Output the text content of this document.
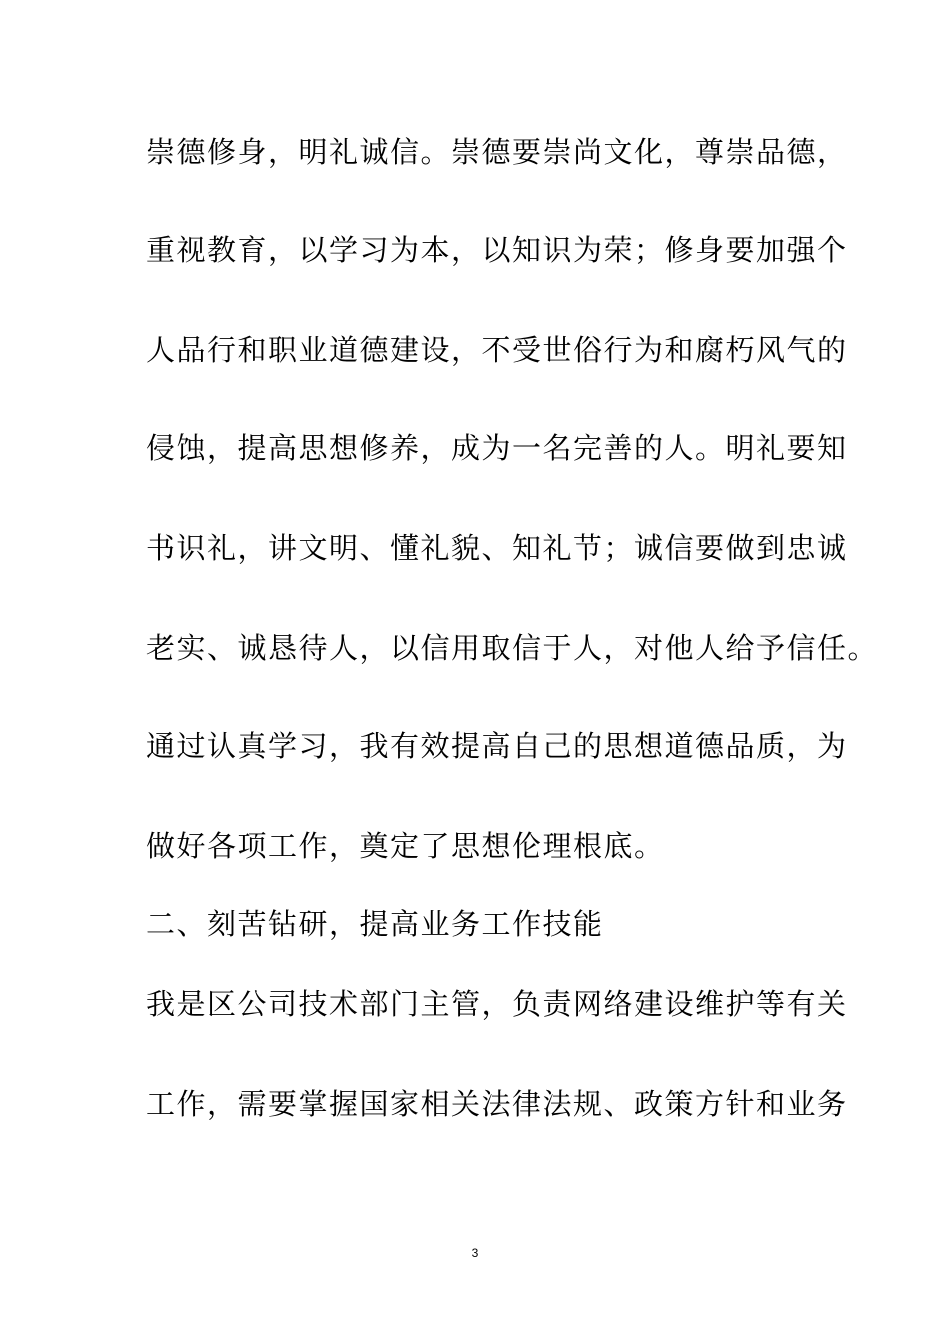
崇德修身，明礼诚信。崇德要崇尚文化，尊崇品德，
重视教育，以学习为本，以知识为荣；修身要加强个
人品行和职业道德建设，不受世俗行为和腐朽风气的
侵蚀，提高思想修养，成为一名完善的人。明礼要知
书识礼，讲文明、懂礼貌、知礼节；诚信要做到忠诚
老实、诚恳待人，以信用取信于人，对他人给予信任。
通过认真学习，我有效提高自己的思想道德品质，为
做好各项工作，奠定了思想伦理根底。
二、刻苦钻研，提高业务工作技能
我是区公司技术部门主管，负责网络建设维护等有关
工作，需要掌握国家相关法律法规、政策方针和业务
3
